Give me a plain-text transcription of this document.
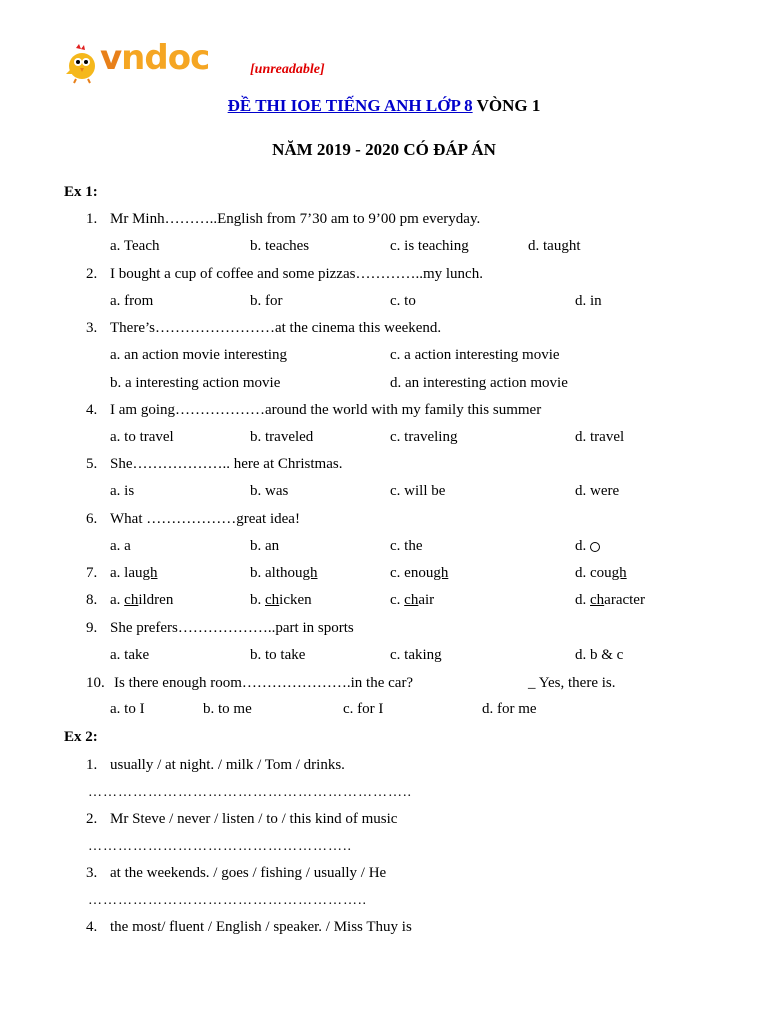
vndoc	[unreadable]
ĐỀ THI IOE TIẾNG ANH LỚP 8 VÒNG 1
NĂM 2019 - 2020 CÓ ĐÁP ÁN
Ex 1:
1. Mr Minh………..English from 7’30 am to 9’00 pm everyday.
a. Teach	b. teaches	c. is teaching	d. taught
2. I bought a cup of coffee and some pizzas…………..my lunch.
a. from	b. for	c. to	d. in
3. There’s……………………at the cinema this weekend.
a. an action movie interesting	c. a action interesting movie
b. a interesting action movie	d. an interesting action movie
4. I am going………………around the world with my family this summer
a. to travel	b. traveled	c. traveling	d. travel
5. She……………….. here at Christmas.
a. is	b. was	c. will be	d. were
6. What ………………great idea!
a. a	b. an	c. the	d.
7. a. laugh	b. although	c. enough	d. cough
8. a. children	b. chicken	c. chair	d. character
9. She prefers………………..part in sports
a. take	b. to take	c. taking	d. b & c
10. Is there enough room………………….in the car?	_ Yes, there is.
a. to I	b. to me	c. for I	d. for me
Ex 2:
1. usually / at night. / milk / Tom / drinks.
………………………………………………………..
2. Mr Steve / never / listen / to / this kind of music
……………………………………………..
3. at the weekends. / goes / fishing / usually / He
………………………………………………..
4. the most/ fluent / English / speaker. / Miss Thuy is
